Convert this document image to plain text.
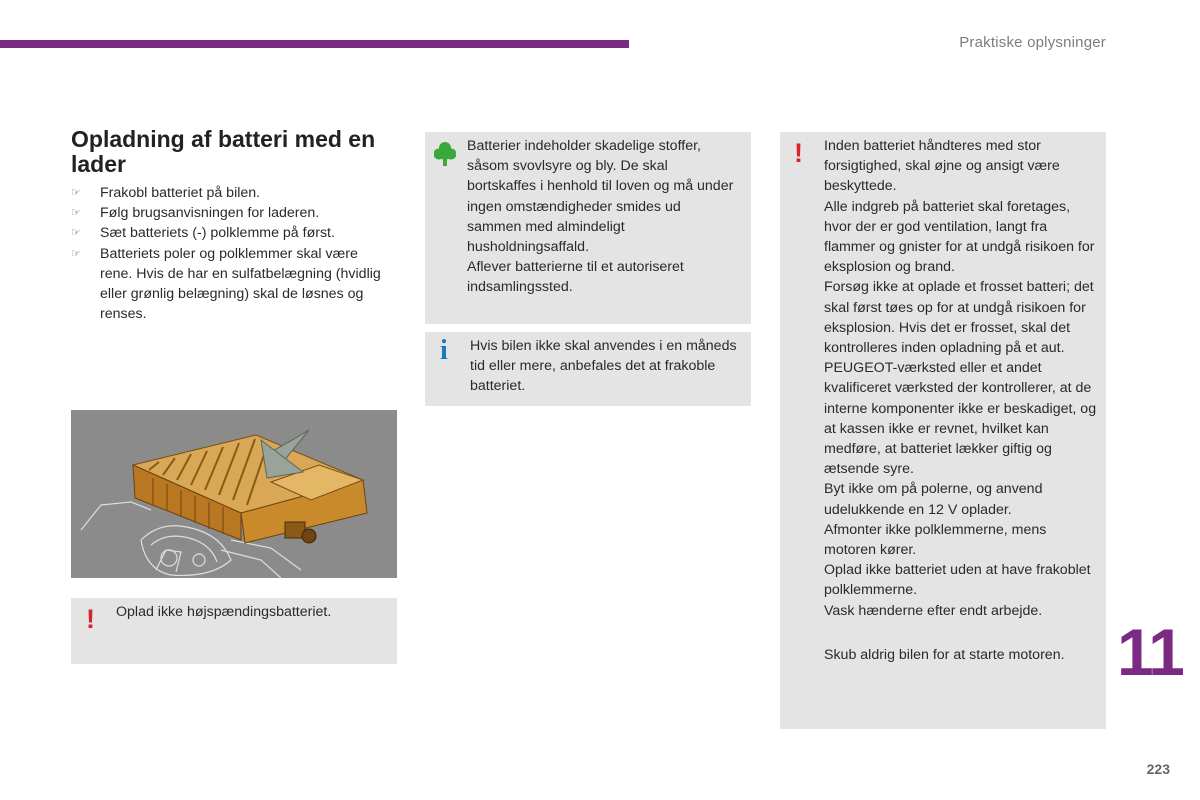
Praktiske oplysninger
Opladning af batteri med en lader
☞ Frakobl batteriet på bilen.
☞ Følg brugsanvisningen for laderen.
☞ Sæt batteriets (-) polklemme på først.
☞ Batteriets poler og polklemmer skal være rene. Hvis de har en sulfatbelægning (hvidlig eller grønlig belægning) skal de løsnes og renses.
! Oplad ikke højspændingsbatteriet.
Batterier indeholder skadelige stoffer, såsom svovlsyre og bly. De skal bortskaffes i henhold til loven og må under ingen omstændigheder smides ud sammen med almindeligt husholdningsaffald.
Aflever batterierne til et autoriseret indsamlingssted.
i Hvis bilen ikke skal anvendes i en måneds tid eller mere, anbefales det at frakoble batteriet.
! Inden batteriet håndteres med stor forsigtighed, skal øjne og ansigt være beskyttede.
Alle indgreb på batteriet skal foretages, hvor der er god ventilation, langt fra flammer og gnister for at undgå risikoen for eksplosion og brand.
Forsøg ikke at oplade et frosset batteri; det skal først tøes op for at undgå risikoen for eksplosion. Hvis det er frosset, skal det kontrolleres inden opladning på et aut. PEUGEOT-værksted eller et andet kvalificeret værksted der kontrollerer, at de interne komponenter ikke er beskadiget, og at kassen ikke er revnet, hvilket kan medføre, at batteriet lækker giftig og ætsende syre.
Byt ikke om på polerne, og anvend udelukkende en 12 V oplader.
Afmonter ikke polklemmerne, mens motoren kører.
Oplad ikke batteriet uden at have frakoblet polklemmerne.
Vask hænderne efter endt arbejde.
Skub aldrig bilen for at starte motoren. 11
223
